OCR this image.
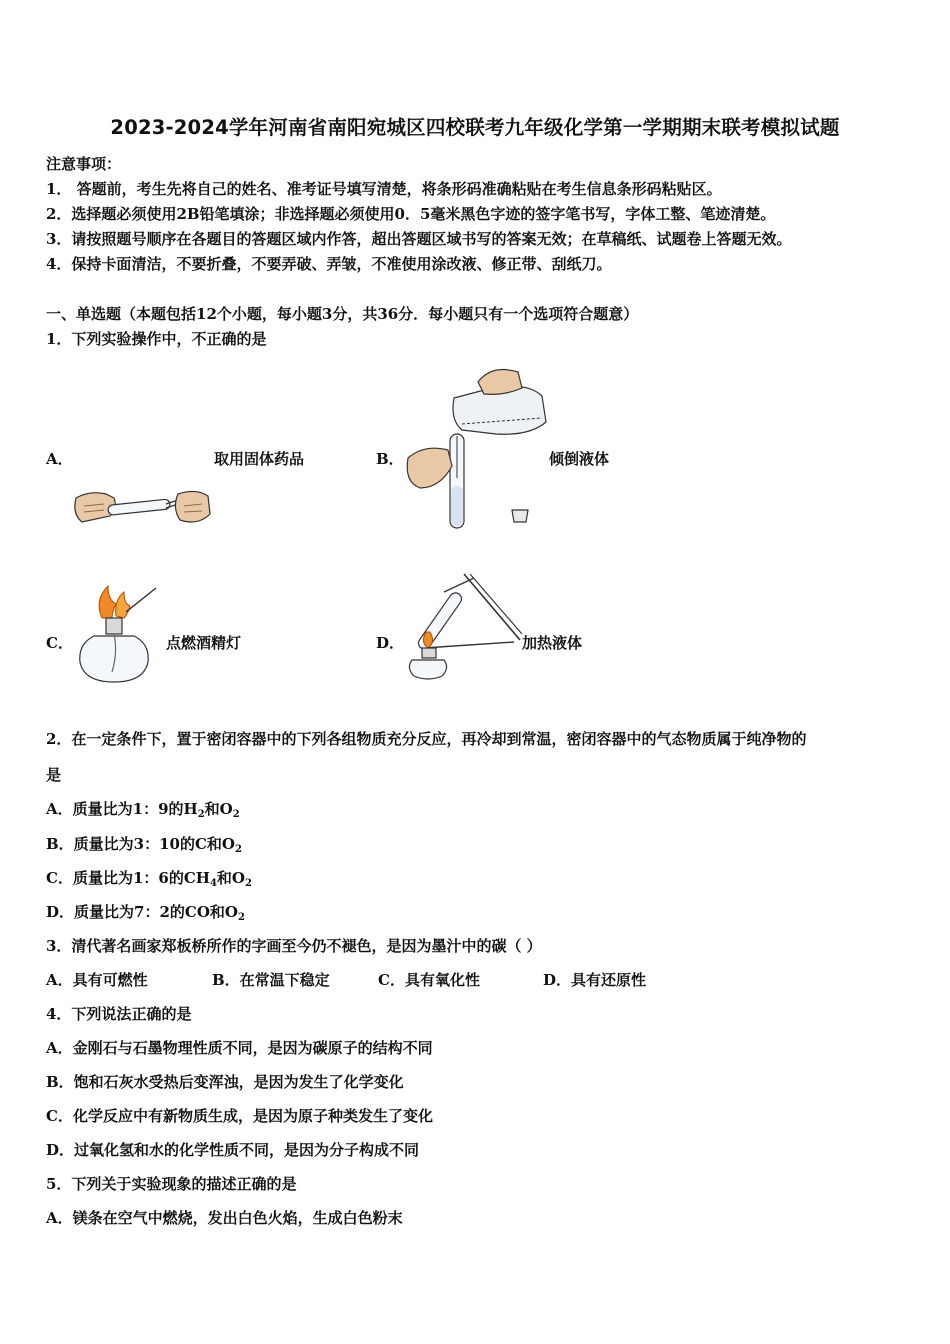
2023-2024学年河南省南阳宛城区四校联考九年级化学第一学期期末联考模拟试题
注意事项：
1． 答题前，考生先将自己的姓名、准考证号填写清楚，将条形码准确粘贴在考生信息条形码粘贴区。
2．选择题必须使用2B铅笔填涂；非选择题必须使用0．5毫米黑色字迹的签字笔书写，字体工整、笔迹清楚。
3．请按照题号顺序在各题目的答题区域内作答，超出答题区域书写的答案无效；在草稿纸、试题卷上答题无效。
4．保持卡面清洁，不要折叠，不要弄破、弄皱，不准使用涂改液、修正带、刮纸刀。
一、单选题（本题包括12个小题，每小题3分，共36分．每小题只有一个选项符合题意）
1．下列实验操作中，不正确的是
A．	取用固体药品	B．	倾倒液体
C．	点燃酒精灯	D．	加热液体
2．在一定条件下，置于密闭容器中的下列各组物质充分反应，再冷却到常温，密闭容器中的气态物质属于纯净物的
是
A．质量比为1：9的$H_2$和$O_2$
B．质量比为3：10的C和$O_2$
C．质量比为1：6的$CH_4$和$O_2$
D．质量比为7：2的CO和$O_2$
3．清代著名画家郑板桥所作的字画至今仍不褪色，是因为墨汁中的碳（ ）
A．具有可燃性	B．在常温下稳定	C．具有氧化性	D．具有还原性
4．下列说法正确的是
A．金刚石与石墨物理性质不同，是因为碳原子的结构不同
B．饱和石灰水受热后变浑浊，是因为发生了化学变化
C．化学反应中有新物质生成，是因为原子种类发生了变化
D．过氧化氢和水的化学性质不同，是因为分子构成不同
5．下列关于实验现象的描述正确的是
A．镁条在空气中燃烧，发出白色火焰，生成白色粉末
